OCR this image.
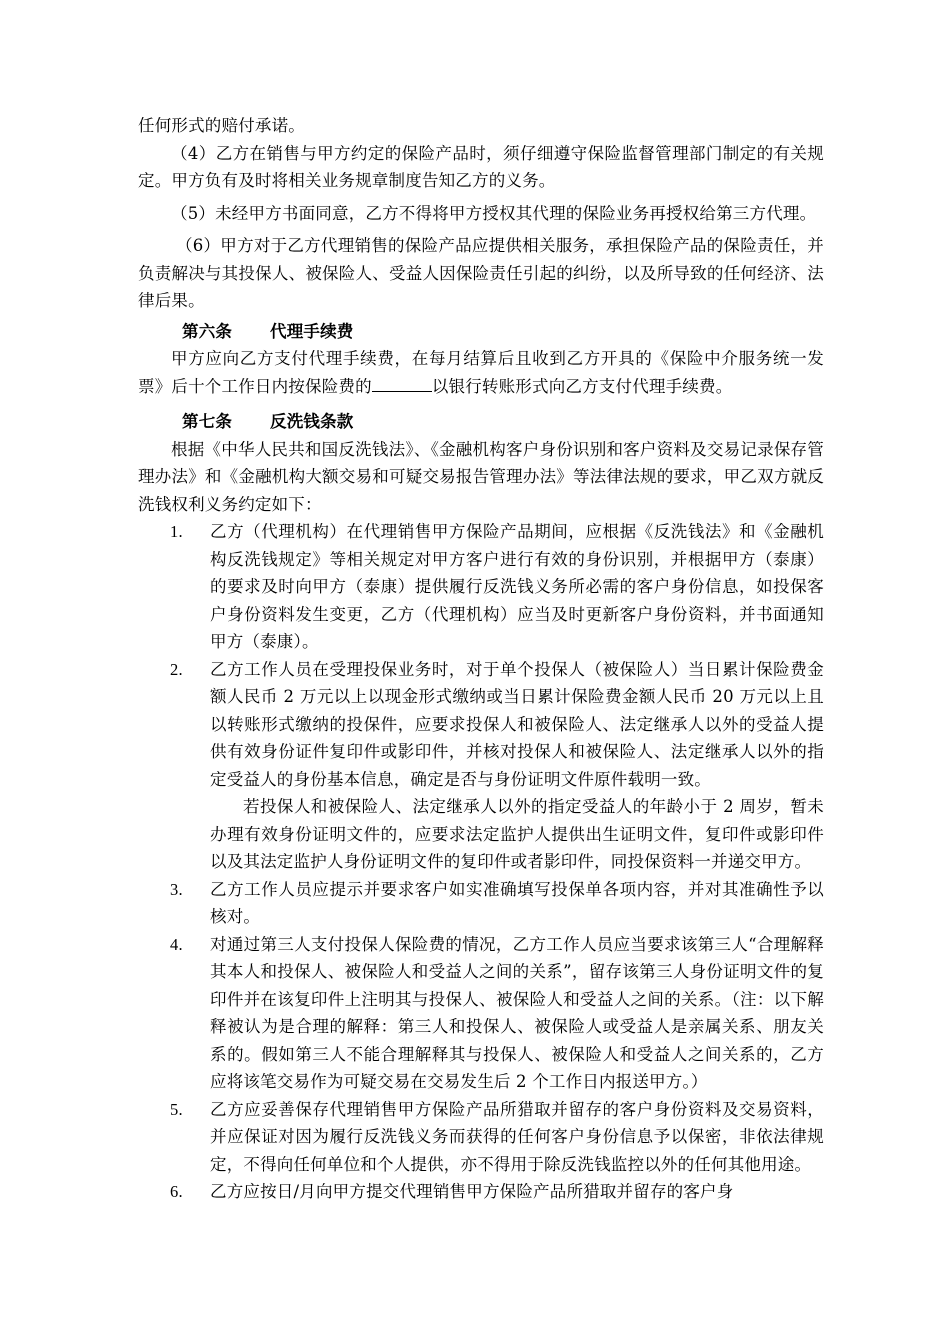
任何形式的赔付承诺。

（4）乙方在销售与甲方约定的保险产品时，须仔细遵守保险监督管理部门制定的有关规定。甲方负有及时将相关业务规章制度告知乙方的义务。

（5）未经甲方书面同意，乙方不得将甲方授权其代理的保险业务再授权给第三方代理。

（6）甲方对于乙方代理销售的保险产品应提供相关服务，承担保险产品的保险责任，并负责解决与其投保人、被保险人、受益人因保险责任引起的纠纷，以及所导致的任何经济、法律后果。

第六条 代理手续费

甲方应向乙方支付代理手续费，在每月结算后且收到乙方开具的《保险中介服务统一发票》后十个工作日内按保险费的	以银行转账形式向乙方支付代理手续费。

第七条 反洗钱条款

根据《中华人民共和国反洗钱法》、《金融机构客户身份识别和客户资料及交易记录保存管理办法》和《金融机构大额交易和可疑交易报告管理办法》等法律法规的要求，甲乙双方就反洗钱权利义务约定如下：

1. 乙方（代理机构）在代理销售甲方保险产品期间，应根据《反洗钱法》和《金融机构反洗钱规定》等相关规定对甲方客户进行有效的身份识别，并根据甲方（泰康）的要求及时向甲方（泰康）提供履行反洗钱义务所必需的客户身份信息，如投保客户身份资料发生变更，乙方（代理机构）应当及时更新客户身份资料，并书面通知甲方（泰康）。

2. 乙方工作人员在受理投保业务时，对于单个投保人（被保险人）当日累计保险费金额人民币 2 万元以上以现金形式缴纳或当日累计保险费金额人民币 20 万元以上且以转账形式缴纳的投保件，应要求投保人和被保险人、法定继承人以外的受益人提供有效身份证件复印件或影印件，并核对投保人和被保险人、法定继承人以外的指定受益人的身份基本信息，确定是否与身份证明文件原件载明一致。

若投保人和被保险人、法定继承人以外的指定受益人的年龄小于 2 周岁，暂未办理有效身份证明文件的，应要求法定监护人提供出生证明文件，复印件或影印件以及其法定监护人身份证明文件的复印件或者影印件，同投保资料一并递交甲方。

3. 乙方工作人员应提示并要求客户如实准确填写投保单各项内容，并对其准确性予以核对。

4. 对通过第三人支付投保人保险费的情况，乙方工作人员应当要求该第三人“合理解释其本人和投保人、被保险人和受益人之间的关系”，留存该第三人身份证明文件的复印件并在该复印件上注明其与投保人、被保险人和受益人之间的关系。（注：以下解释被认为是合理的解释：第三人和投保人、被保险人或受益人是亲属关系、朋友关系的。假如第三人不能合理解释其与投保人、被保险人和受益人之间关系的，乙方应将该笔交易作为可疑交易在交易发生后 2 个工作日内报送甲方。）

5. 乙方应妥善保存代理销售甲方保险产品所猎取并留存的客户身份资料及交易资料，并应保证对因为履行反洗钱义务而获得的任何客户身份信息予以保密，非依法律规定，不得向任何单位和个人提供，亦不得用于除反洗钱监控以外的任何其他用途。

6. 乙方应按日/月向甲方提交代理销售甲方保险产品所猎取并留存的客户身
